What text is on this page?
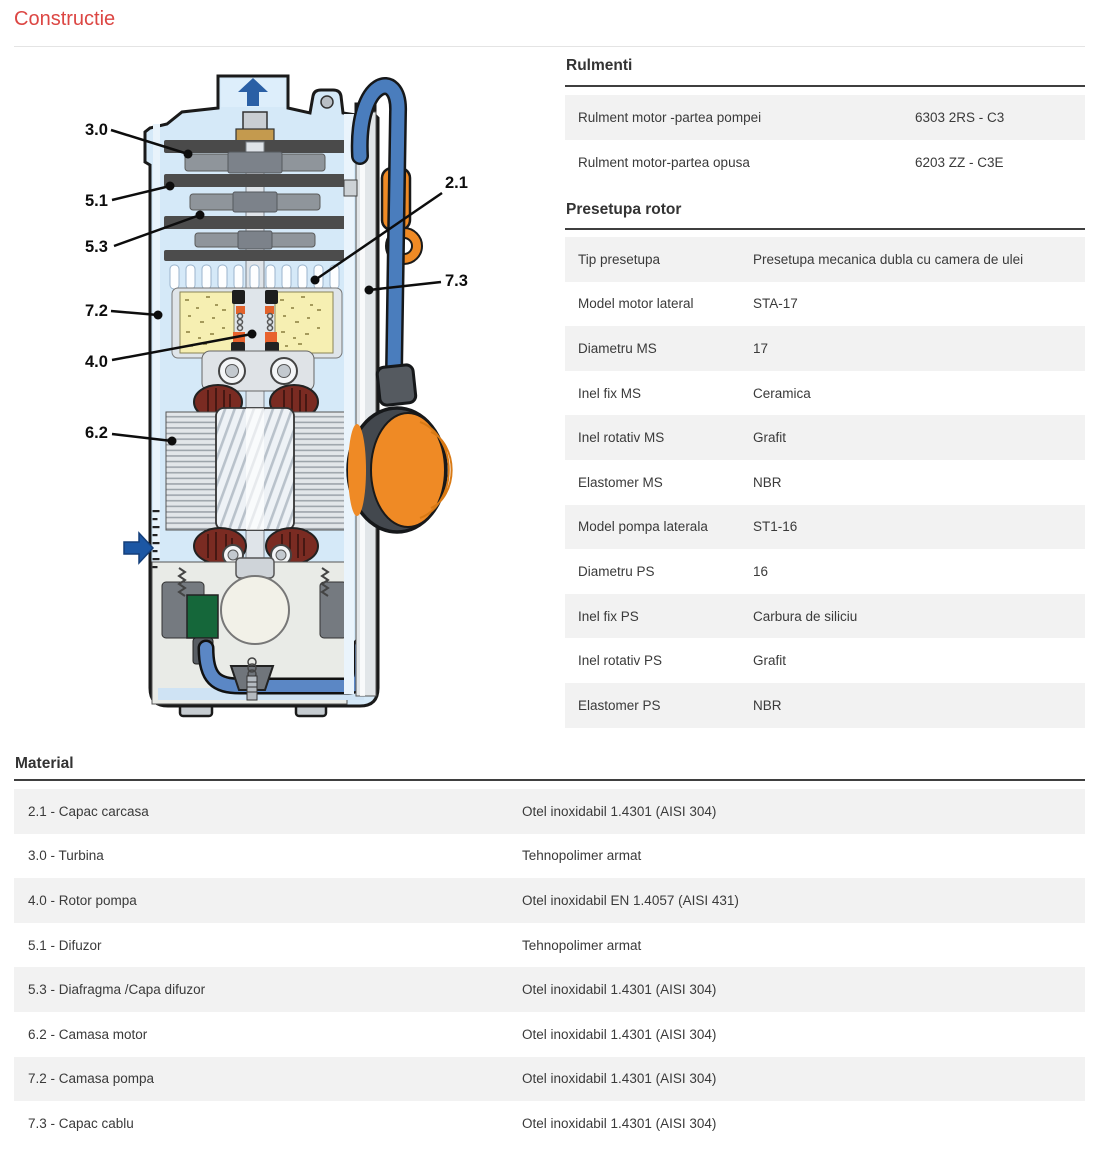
Constructie
3.0
5.1
5.3
7.2
4.0
6.2
2.1
7.3
Rulmenti
Rulment motor -partea pompei	6303 2RS - C3
Rulment motor-partea opusa	6203 ZZ - C3E
Presetupa rotor
Tip presetupa	Presetupa mecanica dubla cu camera de ulei
Model motor lateral	STA-17
Diametru MS	17
Inel fix MS	Ceramica
Inel rotativ MS	Grafit
Elastomer MS	NBR
Model pompa laterala	ST1-16
Diametru PS	16
Inel fix PS	Carbura de siliciu
Inel rotativ PS	Grafit
Elastomer PS	NBR
Material
2.1 - Capac carcasa	Otel inoxidabil 1.4301 (AISI 304)
3.0 - Turbina	Tehnopolimer armat
4.0 - Rotor pompa	Otel inoxidabil EN 1.4057 (AISI 431)
5.1 - Difuzor	Tehnopolimer armat
5.3 - Diafragma /Capa difuzor	Otel inoxidabil 1.4301 (AISI 304)
6.2 - Camasa motor	Otel inoxidabil 1.4301 (AISI 304)
7.2 - Camasa pompa	Otel inoxidabil 1.4301 (AISI 304)
7.3 - Capac cablu	Otel inoxidabil 1.4301 (AISI 304)
